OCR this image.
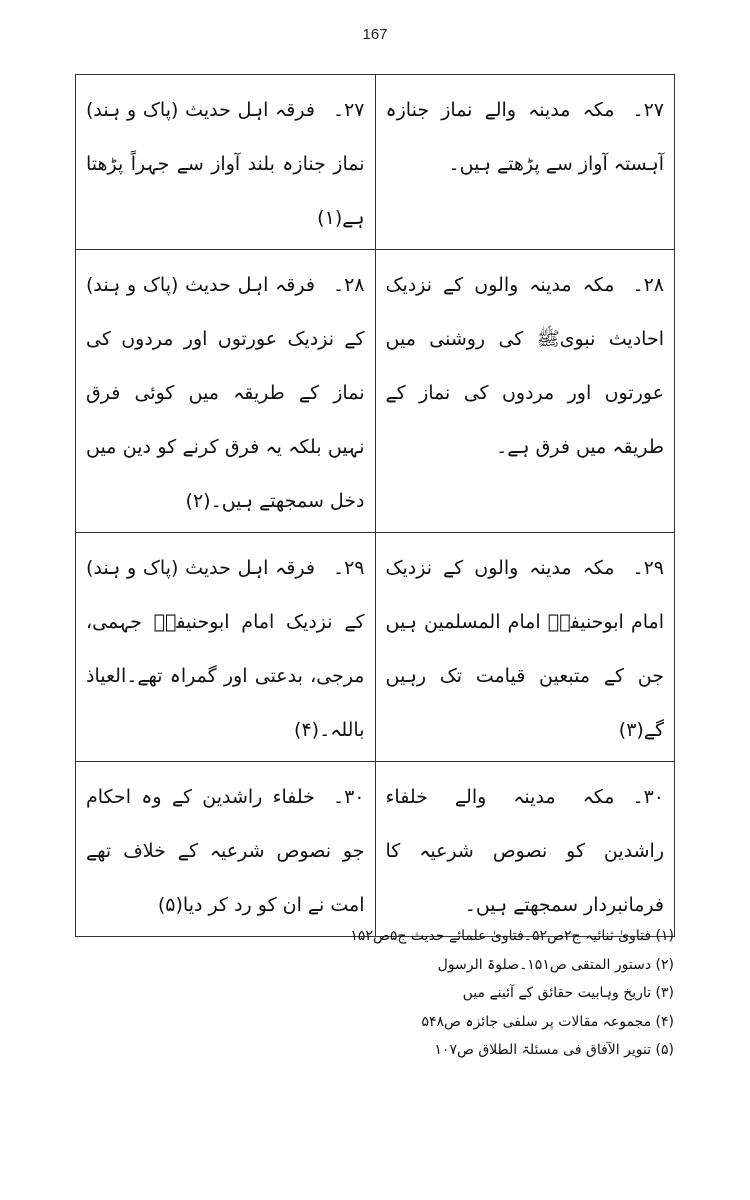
167
۲۷۔مکہ مدینہ والے نماز جنازہ آہستہ آواز سے پڑھتے ہیں۔	۲۷۔فرقہ اہل حدیث (پاک و ہند) نماز جنازہ بلند آواز سے جہراً پڑھتا ہے(۱)
۲۸۔مکہ مدینہ والوں کے نزدیک احادیث نبویﷺ کی روشنی میں عورتوں اور مردوں کی نماز کے طریقہ میں فرق ہے۔	۲۸۔فرقہ اہل حدیث (پاک و ہند) کے نزدیک عورتوں اور مردوں کی نماز کے طریقہ میں کوئی فرق نہیں بلکہ یہ فرق کرنے کو دین میں دخل سمجھتے ہیں۔(۲)
۲۹۔مکہ مدینہ والوں کے نزدیک امام ابوحنیفہؒ امام المسلمین ہیں جن کے متبعین قیامت تک رہیں گے(۳)	۲۹۔فرقہ اہل حدیث (پاک و ہند) کے نزدیک امام ابوحنیفہؒ جہمی، مرجی، بدعتی اور گمراہ تھے۔العیاذ باللہ۔(۴)
۳۰۔مکہ مدینہ والے خلفاء راشدین کو نصوص شرعیہ کا فرمانبردار سمجھتے ہیں۔	۳۰۔خلفاء راشدین کے وہ احکام جو نصوص شرعیہ کے خلاف تھے امت نے ان کو رد کر دیا(۵)
(۱) فتاویٰ ثنائیہ ج۲ص۵۲۔فتاویٰ علمائے حدیث ج۵ص۱۵۲
(۲) دستور المتقی ص۱۵۱۔صلوۃ الرسول
(۳) تاریخ وہابیت حقائق کے آئینے میں
(۴) مجموعہ مقالات پر سلفی جائزہ ص۵۴۸
(۵) تنویر الآفاق فی مسئلۃ الطلاق ص۱۰۷
